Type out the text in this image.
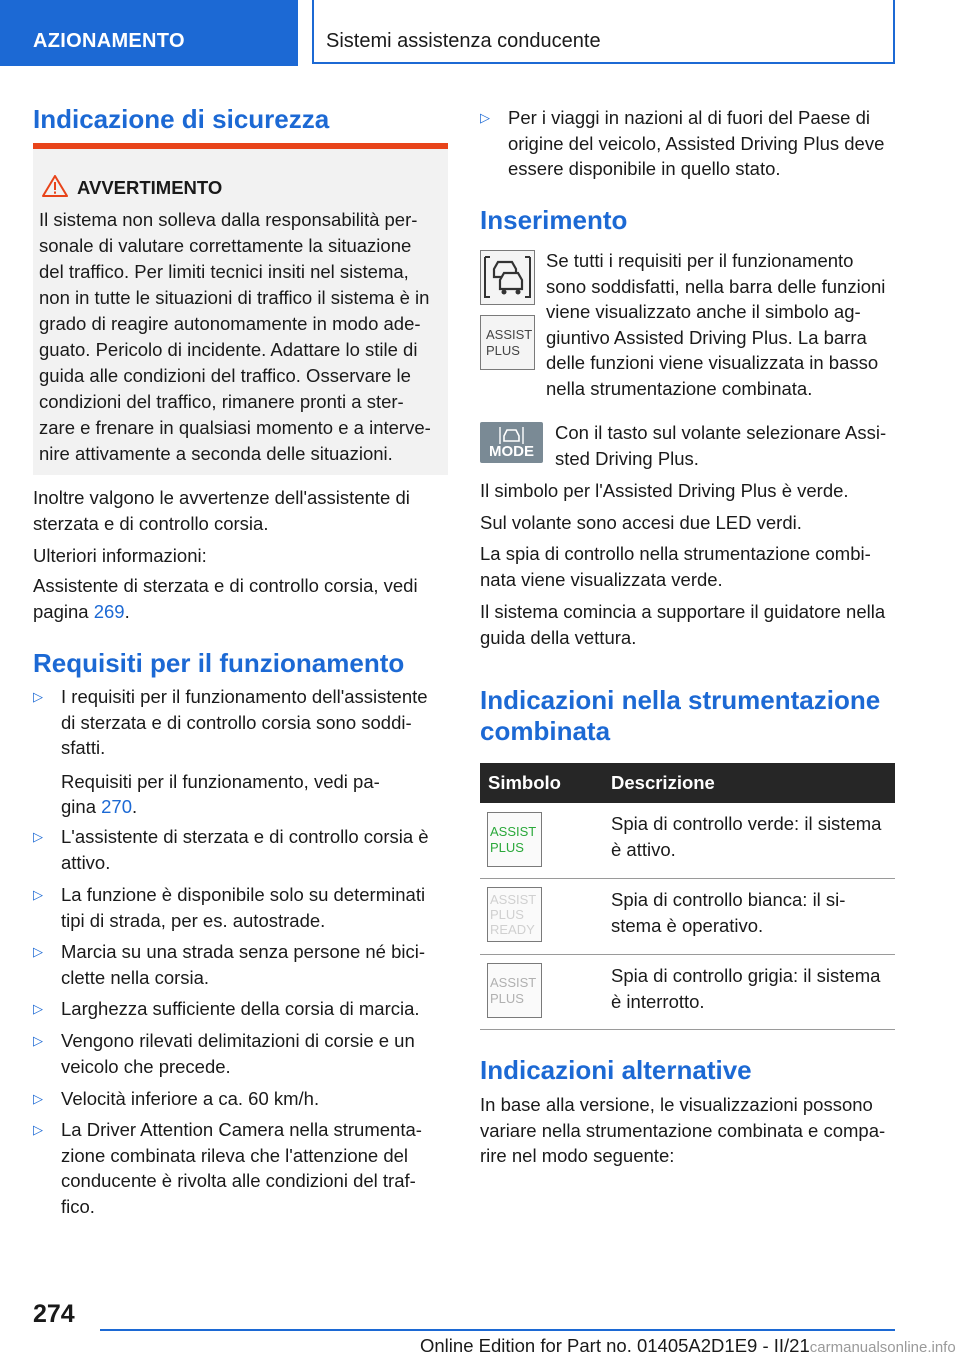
AZIONAMENTO	Sistemi assistenza conducente
Indicazione di sicurezza
AVVERTIMENTO
Il sistema non solleva dalla responsabilità per-
sonale di valutare correttamente la situazione
del traffico. Per limiti tecnici insiti nel sistema,
non in tutte le situazioni di traffico il sistema è in
grado di reagire autonomamente in modo ade-
guato. Pericolo di incidente. Adattare lo stile di
guida alle condizioni del traffico. Osservare le
condizioni del traffico, rimanere pronti a ster-
zare e frenare in qualsiasi momento e a interve-
nire attivamente a seconda delle situazioni.

Inoltre valgono le avvertenze dell'assistente di
sterzata e di controllo corsia.

Ulteriori informazioni:

Assistente di sterzata e di controllo corsia, vedi
pagina 269.

Requisiti per il funzionamento
▷ I requisiti per il funzionamento dell'assistente
di sterzata e di controllo corsia sono soddi-
sfatti.
Requisiti per il funzionamento, vedi pa-
gina 270.
▷ L'assistente di sterzata e di controllo corsia è
attivo.
▷ La funzione è disponibile solo su determinati
tipi di strada, per es. autostrade.
▷ Marcia su una strada senza persone né bici-
clette nella corsia.
▷ Larghezza sufficiente della corsia di marcia.
▷ Vengono rilevati delimitazioni di corsie e un
veicolo che precede.
▷ Velocità inferiore a ca. 60 km/h.
▷ La Driver Attention Camera nella strumenta-
zione combinata rileva che l'attenzione del
conducente è rivolta alle condizioni del traf-
fico.
▷ Per i viaggi in nazioni al di fuori del Paese di
origine del veicolo, Assisted Driving Plus deve
essere disponibile in quello stato.
Inserimento
ASSIST
PLUS
Se tutti i requisiti per il funzionamento
sono soddisfatti, nella barra delle funzioni
viene visualizzato anche il simbolo ag-
giuntivo Assisted Driving Plus. La barra
delle funzioni viene visualizzata in basso
nella strumentazione combinata.
MODE
Con il tasto sul volante selezionare Assi-
sted Driving Plus.

Il simbolo per l'Assisted Driving Plus è verde.

Sul volante sono accesi due LED verdi.

La spia di controllo nella strumentazione combi-
nata viene visualizzata verde.

Il sistema comincia a supportare il guidatore nella
guida della vettura.

Indicazioni nella strumentazione
combinata
Simbolo	Descrizione
ASSIST
PLUS
Spia di controllo verde: il sistema
è attivo.
ASSIST
PLUS
READY
Spia di controllo bianca: il si-
stema è operativo.
ASSIST
PLUS
Spia di controllo grigia: il sistema
è interrotto.
Indicazioni alternative
In base alla versione, le visualizzazioni possono
variare nella strumentazione combinata e compa-
rire nel modo seguente:
274
Online Edition for Part no. 01405A2D1E9 - II/21carmanualsonline.info
